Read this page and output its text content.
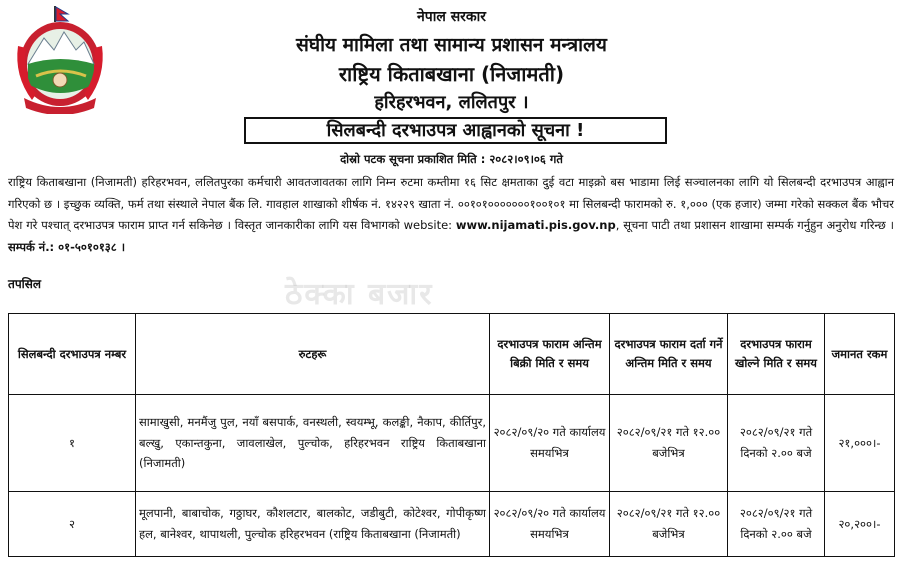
नेपाल सरकार
संघीय मामिला तथा सामान्य प्रशासन मन्त्रालय
राष्ट्रिय किताबखाना (निजामती)
हरिहरभवन, ललितपुर ।
सिलबन्दी दरभाउपत्र आह्वानको सूचना !
दोस्रो पटक सूचना प्रकाशित मिति : २०८२।०९।०६ गते

राष्ट्रिय किताबखाना (निजामती) हरिहरभवन, ललितपुरका कर्मचारी आवतजावतका लागि निम्न रुटमा कम्तीमा १६ सिट क्षमताका दुई वटा माइक्रो बस भाडामा लिई सञ्चालनका लागि यो सिलबन्दी दरभाउपत्र आह्वान गरिएको छ । इच्छुक व्यक्ति, फर्म तथा संस्थाले नेपाल बैंक लि. गावहाल शाखाको शीर्षक नं. १४२२९ खाता नं. ००१०१०००००००१००१०१ मा सिलबन्दी फारामको रु. १,००० (एक हजार) जम्मा गरेको सक्कल बैंक भौचर पेश गरे पश्चात् दरभाउपत्र फाराम प्राप्त गर्न सकिनेछ । विस्तृत जानकारीका लागि यस विभागको website: www.nijamati.pis.gov.np, सूचना पाटी तथा प्रशासन शाखामा सम्पर्क गर्नुहुन अनुरोध गरिन्छ । सम्पर्क नं.: ०१-५०१०१३८ ।

ठेक्का बजार
तपसिल
सिलबन्दी दरभाउपत्र नम्बर	रुटहरू	दरभाउपत्र फाराम अन्तिम बिक्री मिति र समय	दरभाउपत्र फाराम दर्ता गर्ने अन्तिम मिति र समय	दरभाउपत्र फाराम खोल्ने मिति र समय	जमानत रकम
१	सामाखुसी, मनमैंजु पुल, नयाँ बसपार्क, वनस्थली, स्वयम्भू, कलङ्की, नैकाप, कीर्तिपुर, बल्खु, एकान्तकुना, जावलाखेल, पुल्चोक, हरिहरभवन राष्ट्रिय किताबखाना (निजामती)	२०८२/०९/२० गते कार्यालय समयभित्र	२०८२/०९/२१ गते १२.०० बजेभित्र	२०८२/०९/२१ गते दिनको २.०० बजे	२१,०००।-
२	मूलपानी, बाबाचोक, गठ्ठाघर, कौशलटार, बालकोट, जडीबुटी, कोटेश्वर, गोपीकृष्ण हल, बानेश्वर, थापाथली, पुल्चोक हरिहरभवन (राष्ट्रिय किताबखाना (निजामती)	२०८२/०९/२० गते कार्यालय समयभित्र	२०८२/०९/२१ गते १२.०० बजेभित्र	२०८२/०९/२१ गते दिनको २.०० बजे	२०,२००।-
